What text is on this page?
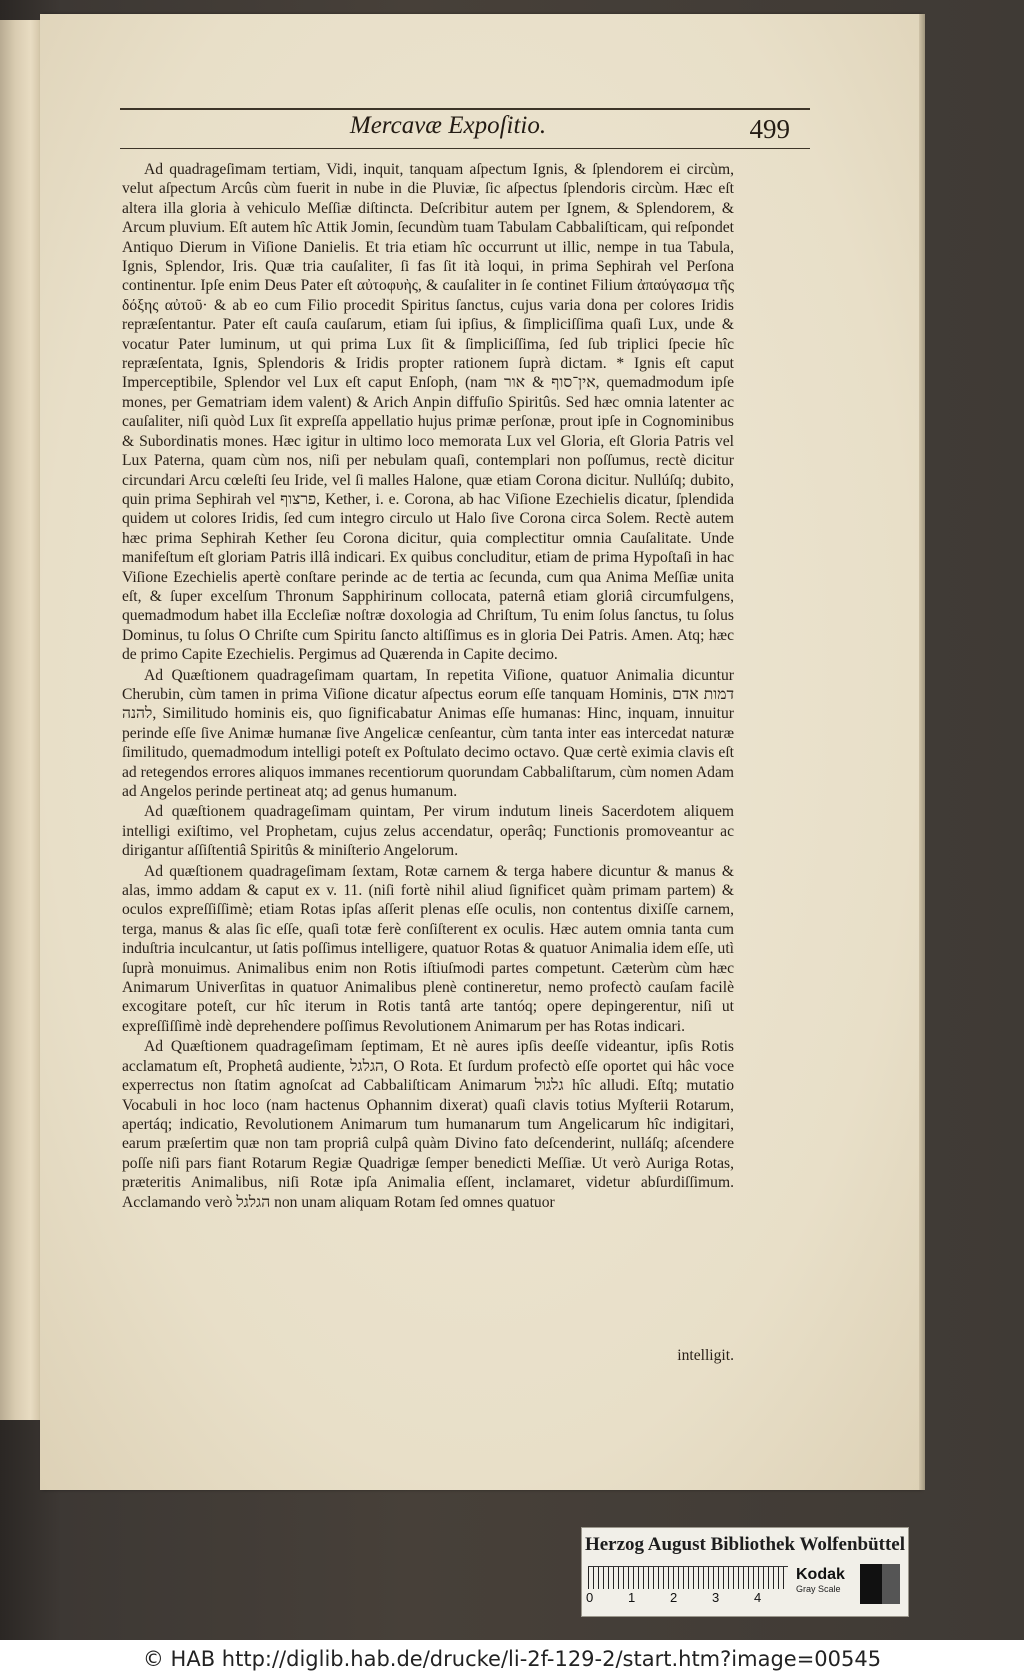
Mercavæ Expoſitio.	499

Ad quadrageſimam tertiam, Vidi, inquit, tanquam aſpectum Ignis, & ſplendorem ei circùm, velut aſpectum Arcûs cùm fuerit in nube in die Pluviæ, ſic aſpectus ſplendoris circùm. Hæc eſt altera illa gloria à vehiculo Meſſiæ diſtincta. Deſcribitur autem per Ignem, & Splendorem, & Arcum pluvium. Eſt autem hîc Attik Jomin, ſecundùm tuam Tabulam Cabbaliſticam, qui reſpondet Antiquo Dierum in Viſione Danielis. Et tria etiam hîc occurrunt ut illic, nempe in tua Tabula, Ignis, Splendor, Iris. Quæ tria cauſaliter, ſi fas ſit ità loqui, in prima Sephirah vel Perſona continentur. Ipſe enim Deus Pater eſt αὐτοφυὴς, & cauſaliter in ſe continet Filium ἀπαύγασμα τῆς δόξης αὐτοῦ· & ab eo cum Filio procedit Spiritus ſanctus, cujus varia dona per colores Iridis repræſentantur. Pater eſt cauſa cauſarum, etiam ſui ipſius, & ſimpliciſſima quaſi Lux, unde & vocatur Pater luminum, ut qui prima Lux ſit & ſimpliciſſima, ſed ſub triplici ſpecie hîc repræſentata, Ignis, Splendoris & Iridis propter rationem ſuprà dictam. * Ignis eſt caput Imperceptibile, Splendor vel Lux eſt caput Enſoph, (nam אין־סוף & אור, quemadmodum ipſe mones, per Gematriam idem valent) & Arich Anpin diffuſio Spiritûs. Sed hæc omnia latenter ac cauſaliter, niſi quòd Lux ſit expreſſa appellatio hujus primæ perſonæ, prout ipſe in Cognominibus & Subordinatis mones. Hæc igitur in ultimo loco memorata Lux vel Gloria, eſt Gloria Patris vel Lux Paterna, quam cùm nos, niſi per nebulam quaſi, contemplari non poſſumus, rectè dicitur circundari Arcu cœleſti ſeu Iride, vel ſi malles Halone, quæ etiam Corona dicitur. Nullúſq; dubito, quin prima Sephirah vel פרצוף, Kether, i. e. Corona, ab hac Viſione Ezechielis dicatur, ſplendida quidem ut colores Iridis, ſed cum integro circulo ut Halo ſive Corona circa Solem. Rectè autem hæc prima Sephirah Kether ſeu Corona dicitur, quia complectitur omnia Cauſalitate. Unde manifeſtum eſt gloriam Patris illâ indicari. Ex quibus concluditur, etiam de prima Hypoſtaſi in hac Viſione Ezechielis apertè conſtare perinde ac de tertia ac ſecunda, cum qua Anima Meſſiæ unita eſt, & ſuper excelſum Thronum Sapphirinum collocata, paternâ etiam gloriâ circumfulgens, quemadmodum habet illa Eccleſiæ noſtræ doxologia ad Chriſtum, Tu enim ſolus ſanctus, tu ſolus Dominus, tu ſolus O Chriſte cum Spiritu ſancto altiſſimus es in gloria Dei Patris. Amen. Atq; hæc de primo Capite Ezechielis. Pergimus ad Quærenda in Capite decimo.

Ad Quæſtionem quadrageſimam quartam, In repetita Viſione, quatuor Animalia dicuntur Cherubin, cùm tamen in prima Viſione dicatur aſpectus eorum eſſe tanquam Hominis, דמות אדם להנה, Similitudo hominis eis, quo ſignificabatur Animas eſſe humanas: Hinc, inquam, innuitur perinde eſſe ſive Animæ humanæ ſive Angelicæ cenſeantur, cùm tanta inter eas intercedat naturæ ſimilitudo, quemadmodum intelligi poteſt ex Poſtulato decimo octavo. Quæ certè eximia clavis eſt ad retegendos errores aliquos immanes recentiorum quorundam Cabbaliſtarum, cùm nomen Adam ad Angelos perinde pertineat atq; ad genus humanum.

Ad quæſtionem quadrageſimam quintam, Per virum indutum lineis Sacerdotem aliquem intelligi exiſtimo, vel Prophetam, cujus zelus accendatur, operâq; Functionis promoveantur ac dirigantur aſſiſtentiâ Spiritûs & miniſterio Angelorum.

Ad quæſtionem quadrageſimam ſextam, Rotæ carnem & terga habere dicuntur & manus & alas, immo addam & caput ex v. 11. (niſi fortè nihil aliud ſignificet quàm primam partem) & oculos expreſſiſſimè; etiam Rotas ipſas aſſerit plenas eſſe oculis, non contentus dixiſſe carnem, terga, manus & alas ſic eſſe, quaſi totæ ferè conſiſterent ex oculis. Hæc autem omnia tanta cum induſtria inculcantur, ut ſatis poſſimus intelligere, quatuor Rotas & quatuor Animalia idem eſſe, utì ſuprà monuimus. Animalibus enim non Rotis iſtiuſmodi partes competunt. Cæterùm cùm hæc Animarum Univerſitas in quatuor Animalibus plenè contineretur, nemo profectò cauſam facilè excogitare poteſt, cur hîc iterum in Rotis tantâ arte tantóq; opere depingerentur, niſi ut expreſſiſſimè indè deprehendere poſſimus Revolutionem Animarum per has Rotas indicari.

Ad Quæſtionem quadrageſimam ſeptimam, Et nè aures ipſis deeſſe videantur, ipſis Rotis acclamatum eſt, Prophetâ audiente, הגלגל, O Rota. Et ſurdum profectò eſſe oportet qui hâc voce experrectus non ſtatim agnoſcat ad Cabbaliſticam Animarum גלגול hîc alludi. Eſtq; mutatio Vocabuli in hoc loco (nam hactenus Ophannim dixerat) quaſi clavis totius Myſterii Rotarum, apertáq; indicatio, Revolutionem Animarum tum humanarum tum Angelicarum hîc indigitari, earum præſertim quæ non tam propriâ culpâ quàm Divino fato deſcenderint, nulláſq; aſcendere poſſe niſi pars fiant Rotarum Regiæ Quadrigæ ſemper benedicti Meſſiæ. Ut verò Auriga Rotas, præteritis Animalibus, niſi Rotæ ipſa Animalia eſſent, inclamaret, videtur abſurdiſſimum. Acclamando verò הגלגל non unam aliquam Rotam ſed omnes quatuor

intelligit.
Herzog August Bibliothek Wolfenbüttel
0	1	2	3	4
Kodak
Gray Scale
© HAB http://diglib.hab.de/drucke/li-2f-129-2/start.htm?image=00545
